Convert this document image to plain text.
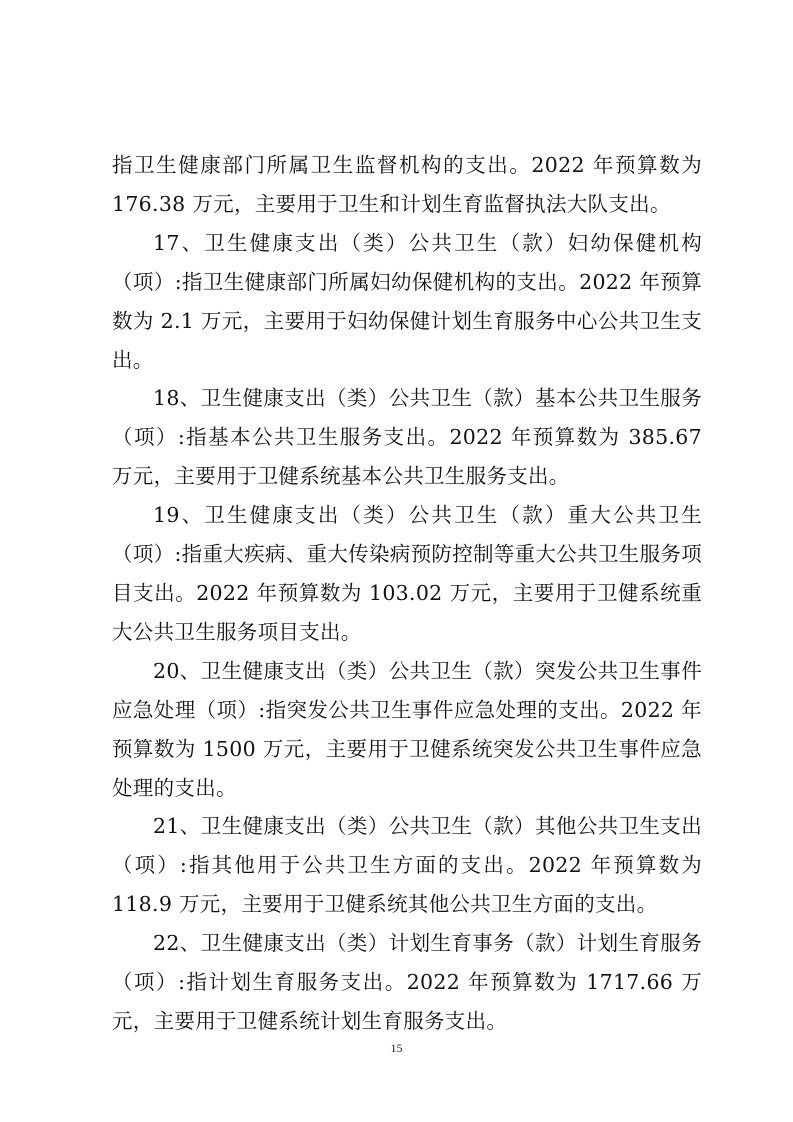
指卫生健康部门所属卫生监督机构的支出。2022 年预算数为 176.38 万元，主要用于卫生和计划生育监督执法大队支出。

17、卫生健康支出（类）公共卫生（款）妇幼保健机构（项）:指卫生健康部门所属妇幼保健机构的支出。2022 年预算数为 2.1 万元，主要用于妇幼保健计划生育服务中心公共卫生支出。

18、卫生健康支出（类）公共卫生（款）基本公共卫生服务（项）:指基本公共卫生服务支出。2022 年预算数为 385.67 万元，主要用于卫健系统基本公共卫生服务支出。

19、卫生健康支出（类）公共卫生（款）重大公共卫生（项）:指重大疾病、重大传染病预防控制等重大公共卫生服务项目支出。2022 年预算数为 103.02 万元，主要用于卫健系统重大公共卫生服务项目支出。

20、卫生健康支出（类）公共卫生（款）突发公共卫生事件应急处理（项）:指突发公共卫生事件应急处理的支出。2022 年预算数为 1500 万元，主要用于卫健系统突发公共卫生事件应急处理的支出。

21、卫生健康支出（类）公共卫生（款）其他公共卫生支出（项）:指其他用于公共卫生方面的支出。2022 年预算数为 118.9 万元，主要用于卫健系统其他公共卫生方面的支出。

22、卫生健康支出（类）计划生育事务（款）计划生育服务（项）:指计划生育服务支出。2022 年预算数为 1717.66 万元，主要用于卫健系统计划生育服务支出。

15
